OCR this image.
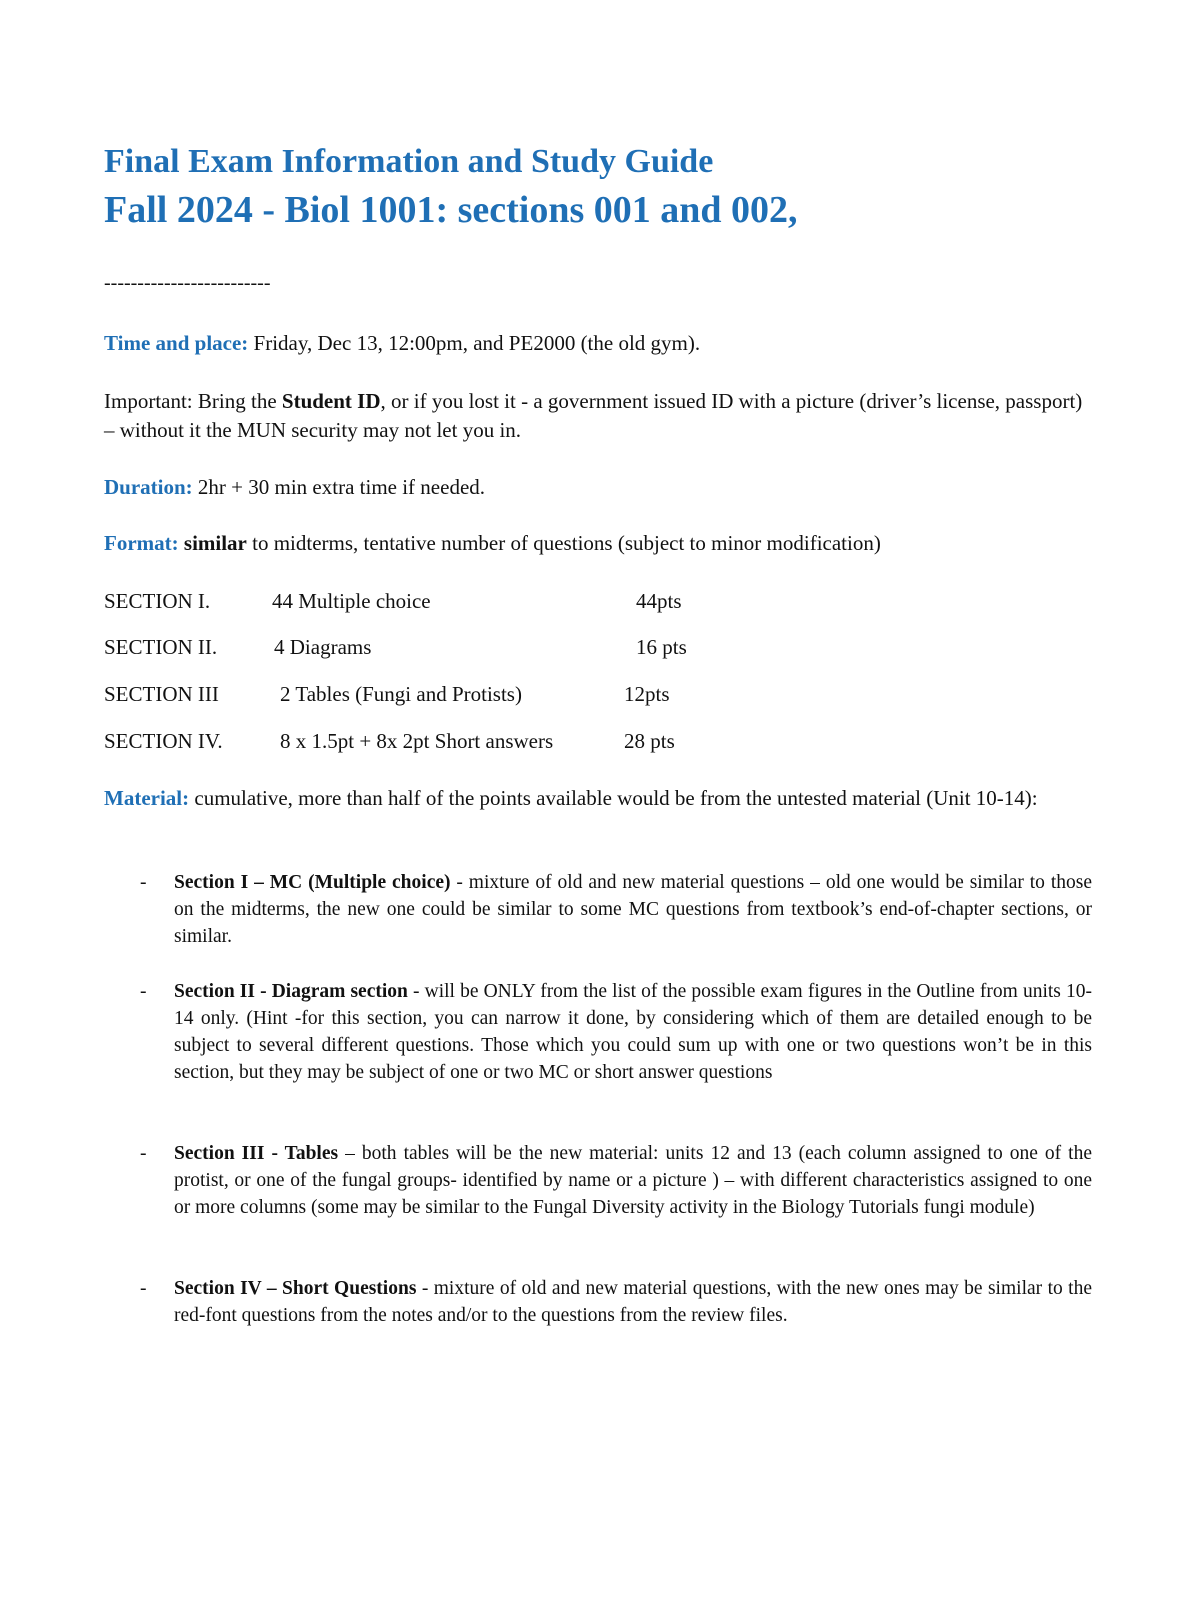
Final Exam Information and Study Guide
Fall 2024 - Biol 1001: sections 001 and 002,
-------------------------
Time and place: Friday, Dec 13, 12:00pm, and PE2000 (the old gym).
Important: Bring the Student ID, or if you lost it - a government issued ID with a picture (driver’s license, passport) – without it the MUN security may not let you in.
Duration: 2hr + 30 min extra time if needed.
Format: similar to midterms, tentative number of questions (subject to minor modification)
SECTION I.	44 Multiple choice	44pts
SECTION II.	4 Diagrams	16 pts
SECTION III	2 Tables (Fungi and Protists)	12pts
SECTION IV.	8 x 1.5pt + 8x 2pt Short answers	28 pts
Material: cumulative, more than half of the points available would be from the untested material (Unit 10-14):
- Section I – MC (Multiple choice) - mixture of old and new material questions – old one would be similar to those on the midterms, the new one could be similar to some MC questions from textbook’s end-of-chapter sections, or similar.
- Section II - Diagram section - will be ONLY from the list of the possible exam figures in the Outline from units 10-14 only. (Hint -for this section, you can narrow it done, by considering which of them are detailed enough to be subject to several different questions. Those which you could sum up with one or two questions won’t be in this section, but they may be subject of one or two MC or short answer questions
- Section III - Tables – both tables will be the new material: units 12 and 13 (each column assigned to one of the protist, or one of the fungal groups- identified by name or a picture ) – with different characteristics assigned to one or more columns (some may be similar to the Fungal Diversity activity in the Biology Tutorials fungi module)
- Section IV – Short Questions - mixture of old and new material questions, with the new ones may be similar to the red-font questions from the notes and/or to the questions from the review files.
